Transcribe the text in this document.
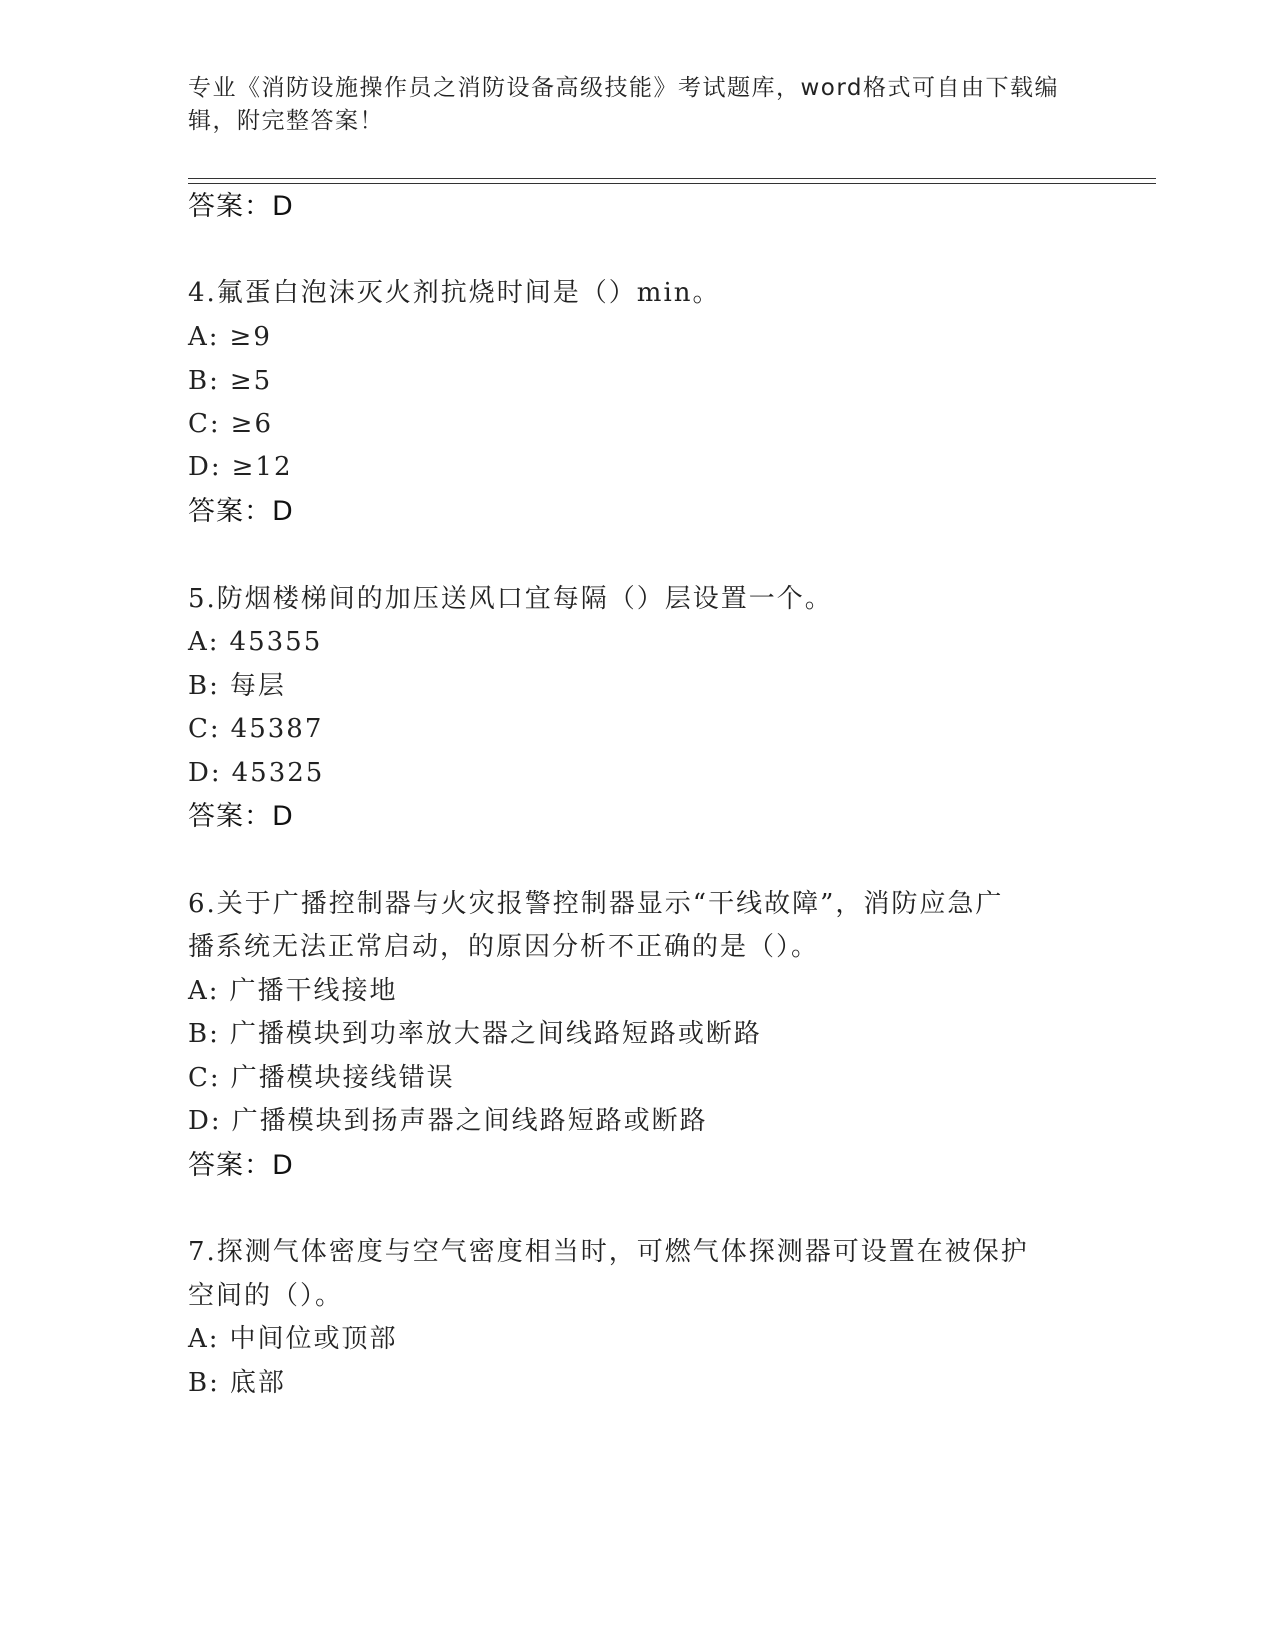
专业《消防设施操作员之消防设备高级技能》考试题库，word格式可自由下载编
辑，附完整答案！
答案：D
4.氟蛋白泡沫灭火剂抗烧时间是（）min。
A: ≥9
B: ≥5
C: ≥6
D: ≥12
答案：D
5.防烟楼梯间的加压送风口宜每隔（）层设置一个。
A: 45355
B: 每层
C: 45387
D: 45325
答案：D
6.关于广播控制器与火灾报警控制器显示“干线故障”，消防应急广
播系统无法正常启动，的原因分析不正确的是（）。
A: 广播干线接地
B: 广播模块到功率放大器之间线路短路或断路
C: 广播模块接线错误
D: 广播模块到扬声器之间线路短路或断路
答案：D
7.探测气体密度与空气密度相当时，可燃气体探测器可设置在被保护
空间的（）。
A: 中间位或顶部
B: 底部
